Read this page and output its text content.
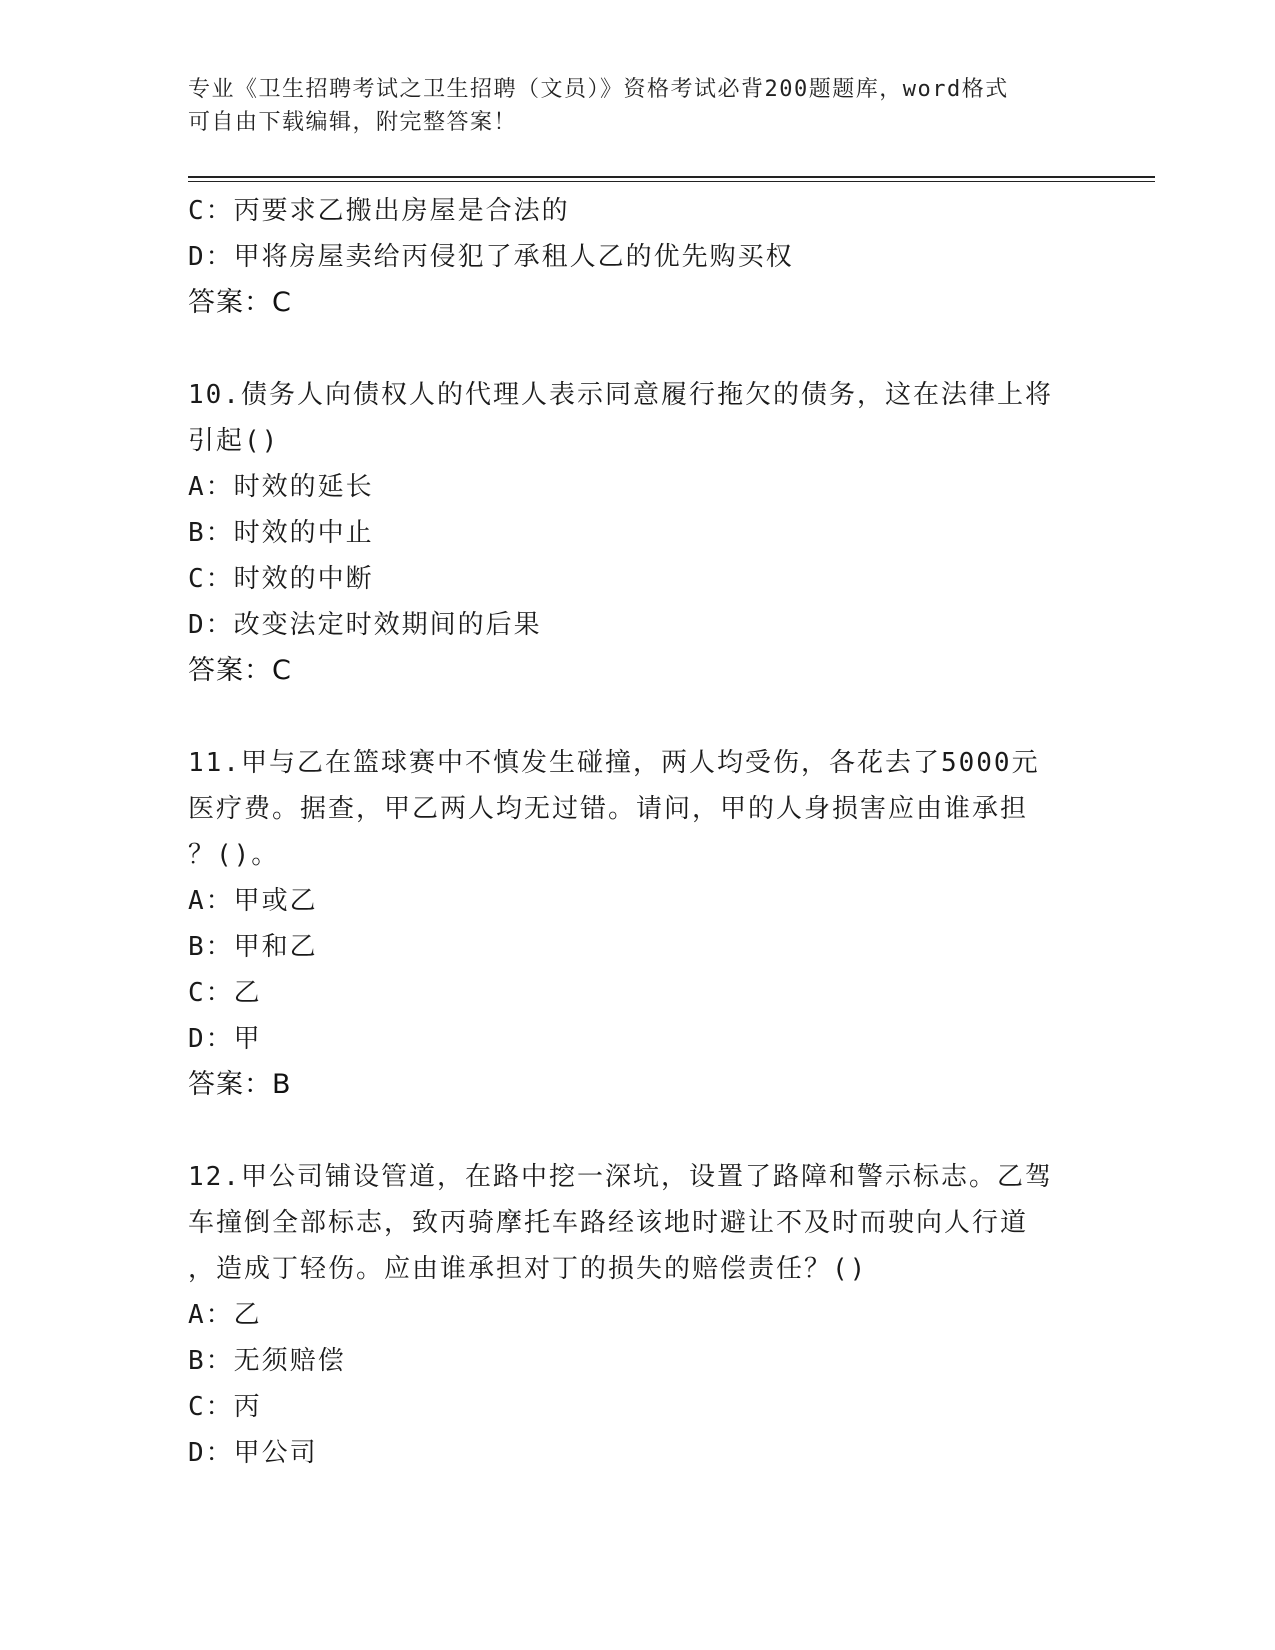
专业《卫生招聘考试之卫生招聘（文员）》资格考试必背200题题库，word格式
可自由下载编辑，附完整答案！
C：丙要求乙搬出房屋是合法的
D：甲将房屋卖给丙侵犯了承租人乙的优先购买权
答案：C
10.债务人向债权人的代理人表示同意履行拖欠的债务，这在法律上将
引起()
A：时效的延长
B：时效的中止
C：时效的中断
D：改变法定时效期间的后果
答案：C
11.甲与乙在篮球赛中不慎发生碰撞，两人均受伤，各花去了5000元
医疗费。据查，甲乙两人均无过错。请问，甲的人身损害应由谁承担
？()。
A：甲或乙
B：甲和乙
C：乙
D：甲
答案：B
12.甲公司铺设管道，在路中挖一深坑，设置了路障和警示标志。乙驾
车撞倒全部标志，致丙骑摩托车路经该地时避让不及时而驶向人行道
，造成丁轻伤。应由谁承担对丁的损失的赔偿责任？()
A：乙
B：无须赔偿
C：丙
D：甲公司
